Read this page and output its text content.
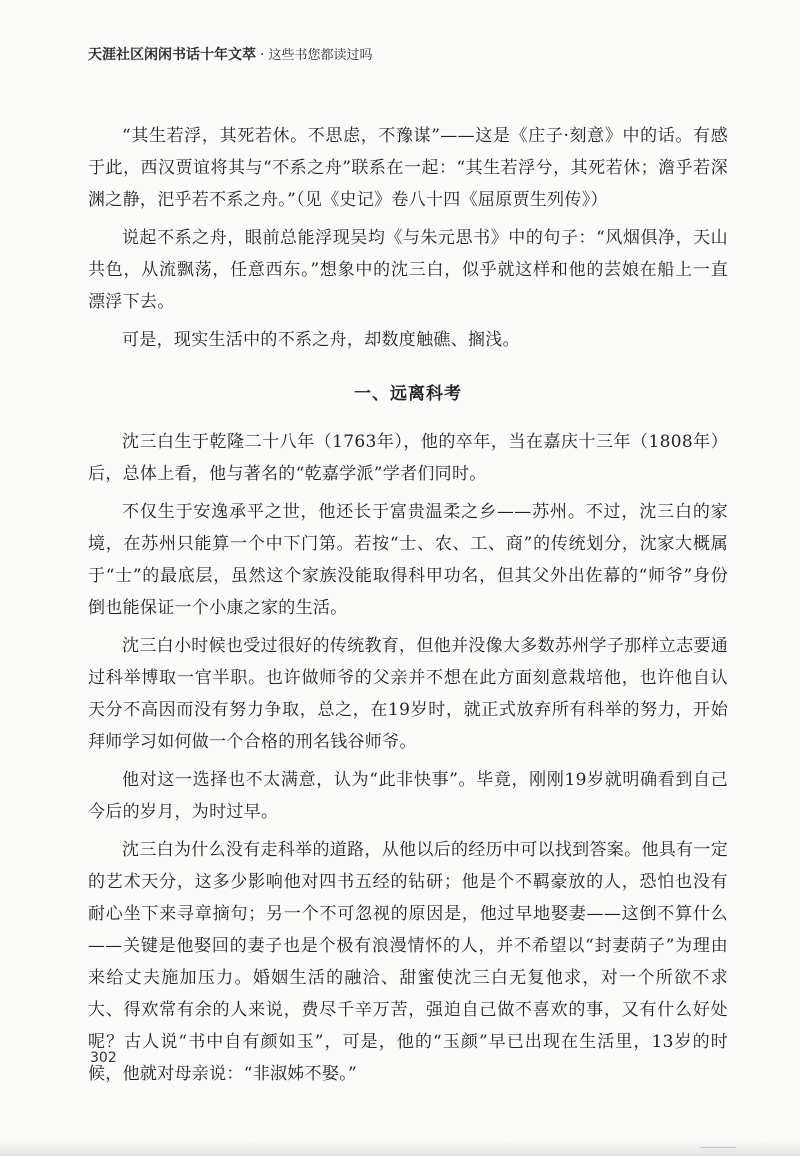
天涯社区闲闲书话十年文萃 · 这些书您都读过吗

“其生若浮，其死若休。不思虑，不豫谋”——这是《庄子·刻意》中的话。有感于此，西汉贾谊将其与“不系之舟”联系在一起：“其生若浮兮，其死若休；澹乎若深渊之静，汜乎若不系之舟。”（见《史记》卷八十四《屈原贾生列传》）

说起不系之舟，眼前总能浮现吴均《与朱元思书》中的句子：“风烟俱净，天山共色，从流飘荡，任意西东。”想象中的沈三白，似乎就这样和他的芸娘在船上一直漂浮下去。

可是，现实生活中的不系之舟，却数度触礁、搁浅。

一、远离科考

沈三白生于乾隆二十八年（1763年），他的卒年，当在嘉庆十三年（1808年）后，总体上看，他与著名的“乾嘉学派”学者们同时。

不仅生于安逸承平之世，他还长于富贵温柔之乡——苏州。不过，沈三白的家境，在苏州只能算一个中下门第。若按“士、农、工、商”的传统划分，沈家大概属于“士”的最底层，虽然这个家族没能取得科甲功名，但其父外出佐幕的“师爷”身份倒也能保证一个小康之家的生活。

沈三白小时候也受过很好的传统教育，但他并没像大多数苏州学子那样立志要通过科举博取一官半职。也许做师爷的父亲并不想在此方面刻意栽培他，也许他自认天分不高因而没有努力争取，总之，在19岁时，就正式放弃所有科举的努力，开始拜师学习如何做一个合格的刑名钱谷师爷。

他对这一选择也不太满意，认为“此非快事”。毕竟，刚刚19岁就明确看到自己今后的岁月，为时过早。

沈三白为什么没有走科举的道路，从他以后的经历中可以找到答案。他具有一定的艺术天分，这多少影响他对四书五经的钻研；他是个不羁豪放的人，恐怕也没有耐心坐下来寻章摘句；另一个不可忽视的原因是，他过早地娶妻——这倒不算什么——关键是他娶回的妻子也是个极有浪漫情怀的人，并不希望以“封妻荫子”为理由来给丈夫施加压力。婚姻生活的融洽、甜蜜使沈三白无复他求，对一个所欲不求大、得欢常有余的人来说，费尽千辛万苦，强迫自己做不喜欢的事，又有什么好处呢？古人说“书中自有颜如玉”，可是，他的“玉颜”早已出现在生活里，13岁的时候，他就对母亲说：“非淑姊不娶。”

302
